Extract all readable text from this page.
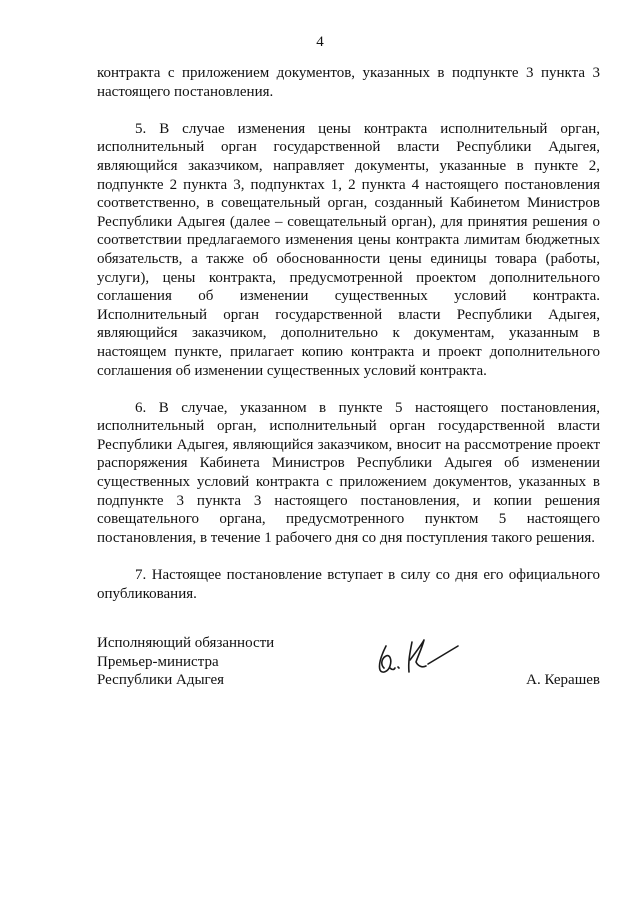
4

контракта с приложением документов, указанных в подпункте 3 пункта 3 настоящего постановления.

5. В случае изменения цены контракта исполнительный орган, исполнительный орган государственной власти Республики Адыгея, являющийся заказчиком, направляет документы, указанные в пункте 2, подпункте 2 пункта 3, подпунктах 1, 2 пункта 4 настоящего постановления соответственно, в совещательный орган, созданный Кабинетом Министров Республики Адыгея (далее – совещательный орган), для принятия решения о соответствии предлагаемого изменения цены контракта лимитам бюджетных обязательств, а также об обоснованности цены единицы товара (работы, услуги), цены контракта, предусмотренной проектом дополнительного соглашения об изменении существенных условий контракта. Исполнительный орган государственной власти Республики Адыгея, являющийся заказчиком, дополнительно к документам, указанным в настоящем пункте, прилагает копию контракта и проект дополнительного соглашения об изменении существенных условий контракта.

6. В случае, указанном в пункте 5 настоящего постановления, исполнительный орган, исполнительный орган государственной власти Республики Адыгея, являющийся заказчиком, вносит на рассмотрение проект распоряжения Кабинета Министров Республики Адыгея об изменении существенных условий контракта с приложением документов, указанных в подпункте 3 пункта 3 настоящего постановления, и копии решения совещательного органа, предусмотренного пунктом 5 настоящего постановления, в течение 1 рабочего дня со дня поступления такого решения.

7. Настоящее постановление вступает в силу со дня его официального опубликования.

Исполняющий обязанности
Премьер-министра
Республики Адыгея	А. Керашев
